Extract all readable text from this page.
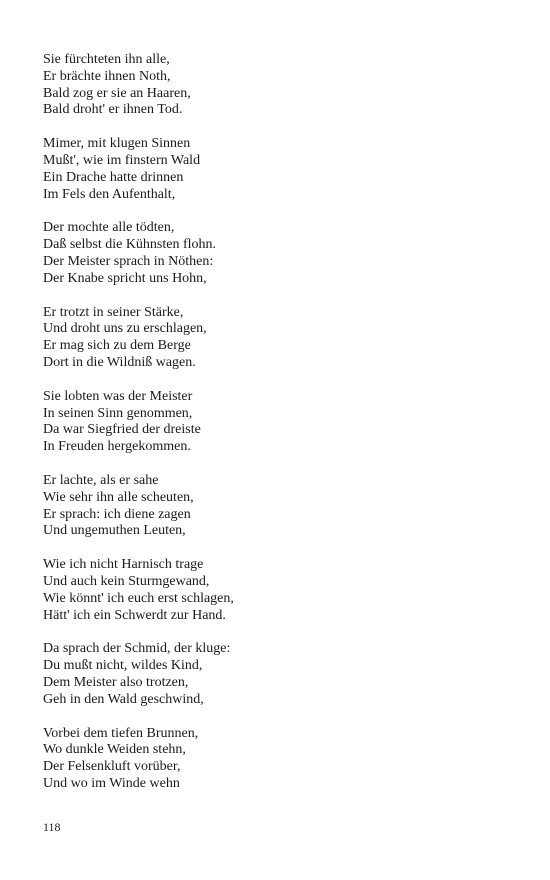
Sie fürchteten ihn alle,
Er brächte ihnen Noth,
Bald zog er sie an Haaren,
Bald droht' er ihnen Tod.
Mimer, mit klugen Sinnen
Mußt', wie im finstern Wald
Ein Drache hatte drinnen
Im Fels den Aufenthalt,
Der mochte alle tödten,
Daß selbst die Kühnsten flohn.
Der Meister sprach in Nöthen:
Der Knabe spricht uns Hohn,
Er trotzt in seiner Stärke,
Und droht uns zu erschlagen,
Er mag sich zu dem Berge
Dort in die Wildniß wagen.
Sie lobten was der Meister
In seinen Sinn genommen,
Da war Siegfried der dreiste
In Freuden hergekommen.
Er lachte, als er sahe
Wie sehr ihn alle scheuten,
Er sprach: ich diene zagen
Und ungemuthen Leuten,
Wie ich nicht Harnisch trage
Und auch kein Sturmgewand,
Wie könnt' ich euch erst schlagen,
Hätt' ich ein Schwerdt zur Hand.
Da sprach der Schmid, der kluge:
Du mußt nicht, wildes Kind,
Dem Meister also trotzen,
Geh in den Wald geschwind,
Vorbei dem tiefen Brunnen,
Wo dunkle Weiden stehn,
Der Felsenkluft vorüber,
Und wo im Winde wehn
118
